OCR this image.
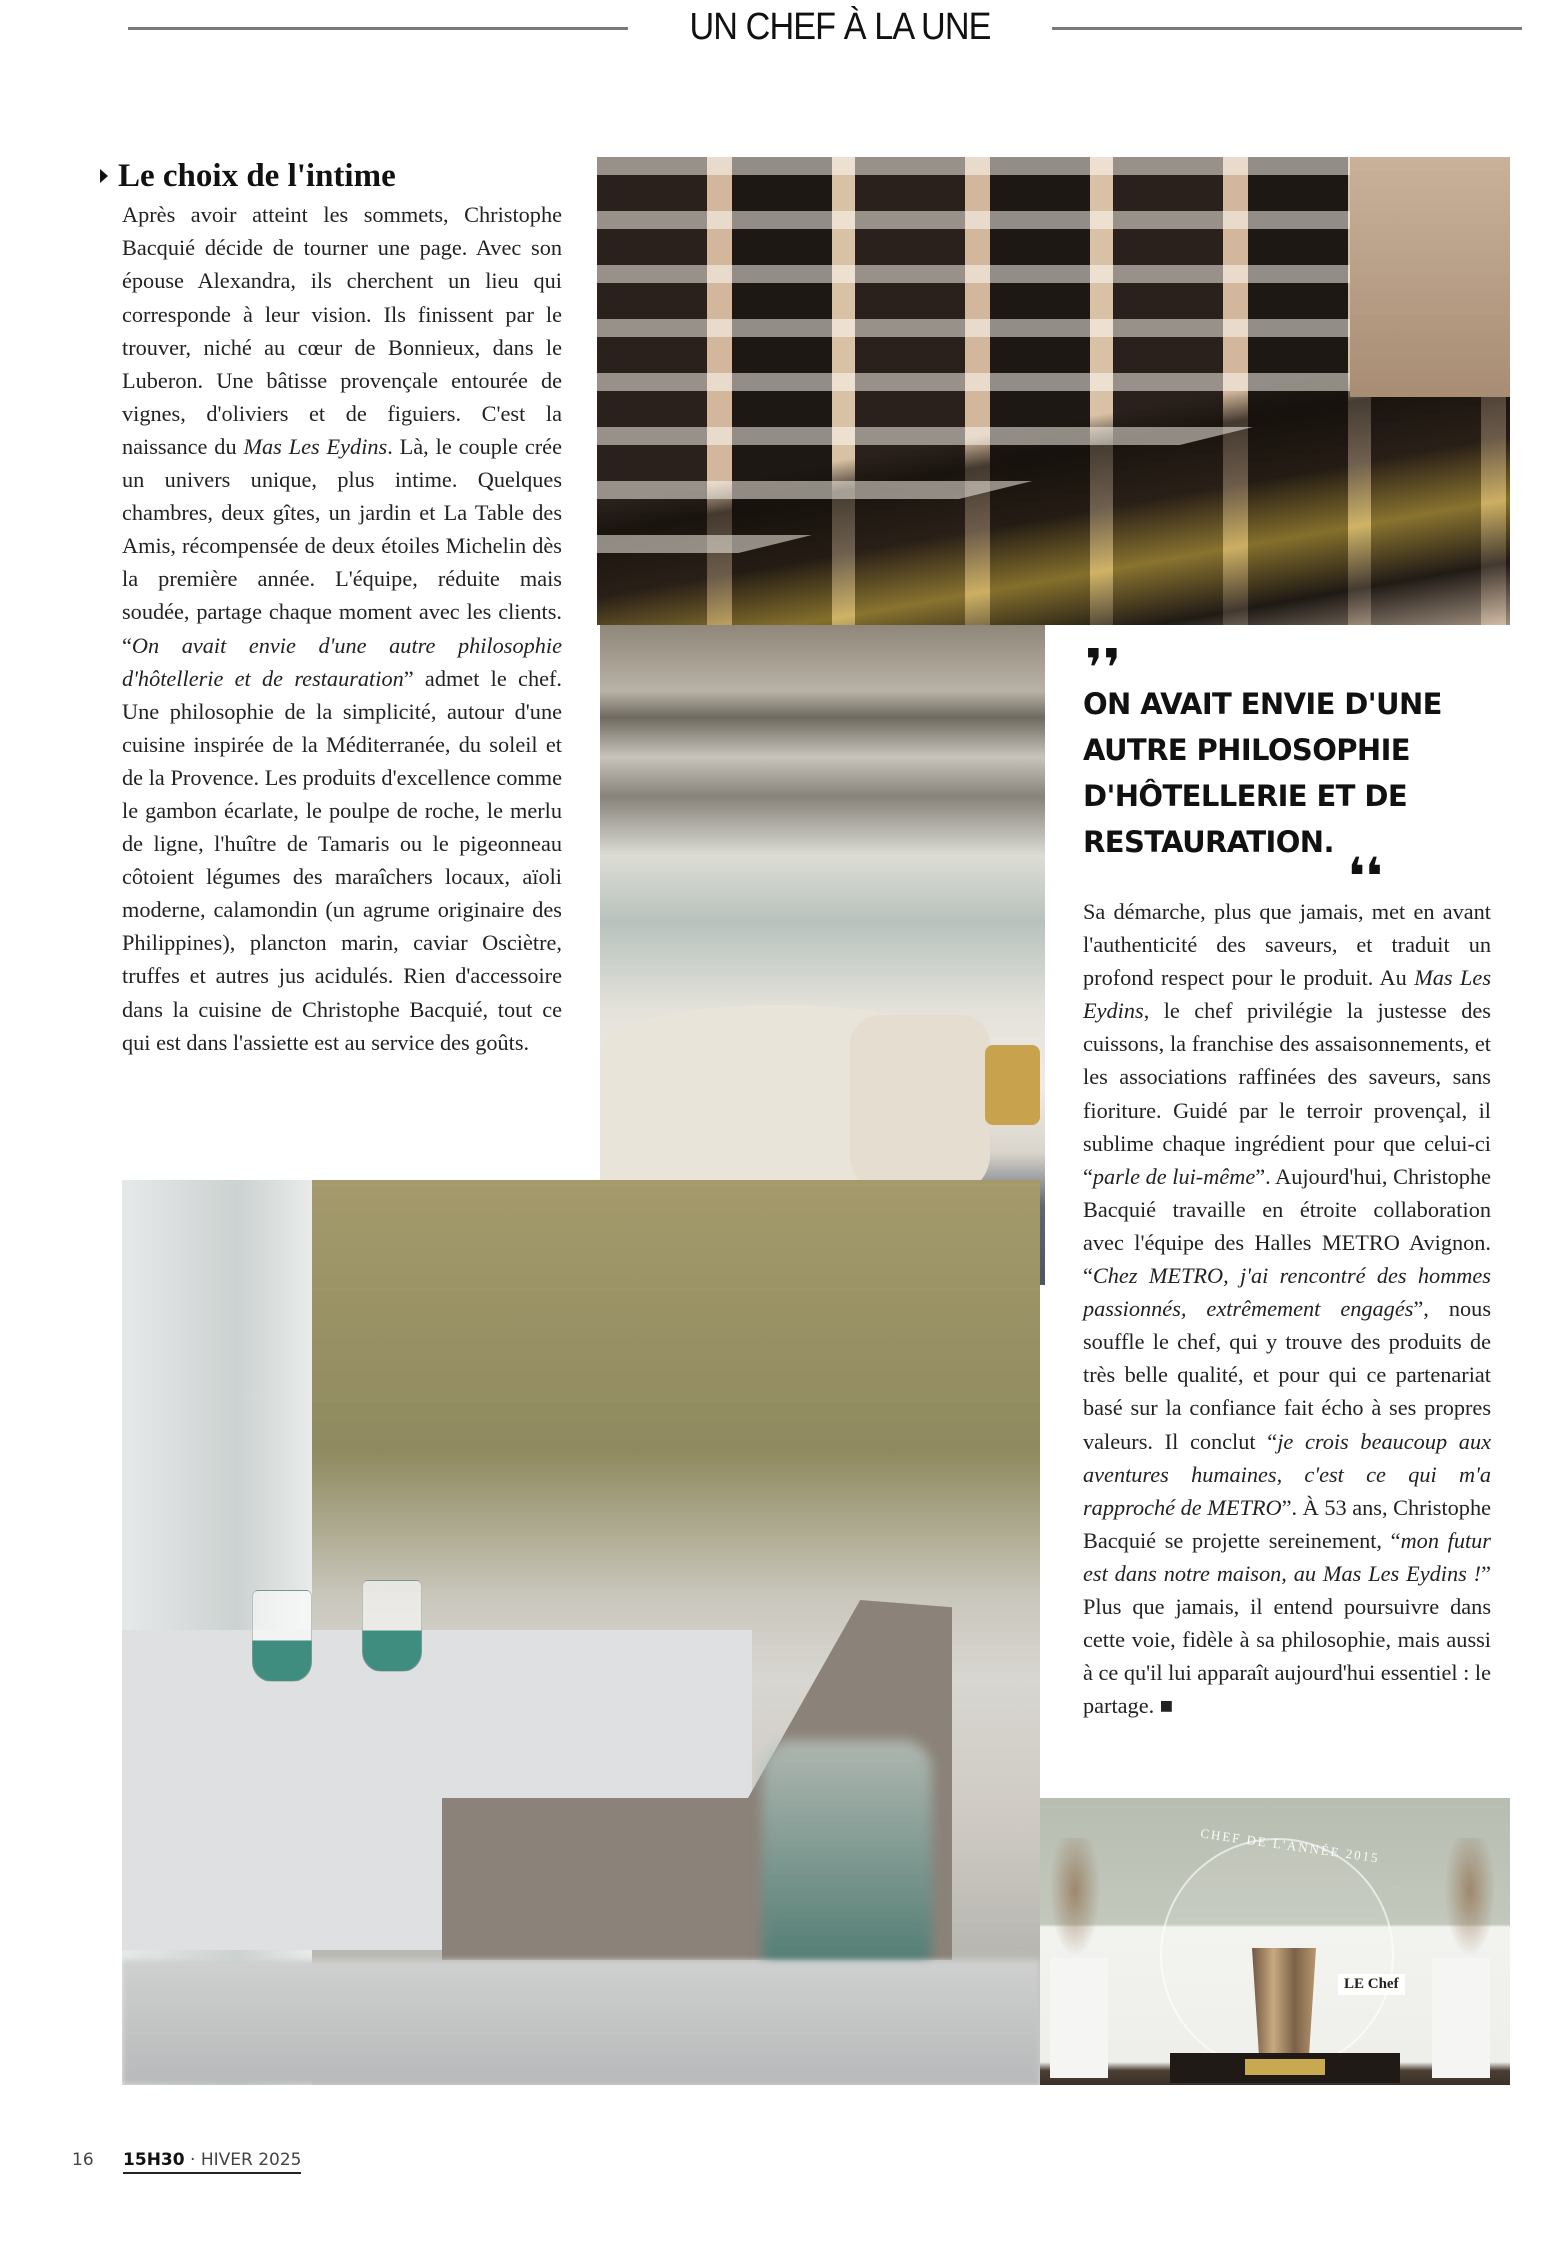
UN CHEF À LA UNE
Le choix de l'intime
Après avoir atteint les sommets, Christophe Bacquié décide de tourner une page. Avec son épouse Alexandra, ils cherchent un lieu qui corresponde à leur vision. Ils finissent par le trouver, niché au cœur de Bonnieux, dans le Luberon. Une bâtisse provençale entourée de vignes, d'oliviers et de figuiers. C'est la naissance du Mas Les Eydins. Là, le couple crée un univers unique, plus intime. Quelques chambres, deux gîtes, un jardin et La Table des Amis, récompensée de deux étoiles Michelin dès la première année. L'équipe, réduite mais soudée, partage chaque moment avec les clients. “On avait envie d'une autre philosophie d'hôtellerie et de restauration” admet le chef. Une philosophie de la simplicité, autour d'une cuisine inspirée de la Méditerranée, du soleil et de la Provence. Les produits d'excellence comme le gambon écarlate, le poulpe de roche, le merlu de ligne, l'huître de Tamaris ou le pigeonneau côtoient légumes des maraîchers locaux, aïoli moderne, calamondin (un agrume originaire des Philippines), plancton marin, caviar Osciètre, truffes et autres jus acidulés. Rien d'accessoire dans la cuisine de Christophe Bacquié, tout ce qui est dans l'assiette est au service des goûts.
❜❜

ON AVAIT ENVIE D'UNE AUTRE PHILOSOPHIE D'HÔTELLERIE ET DE RESTAURATION. ❜❜

Sa démarche, plus que jamais, met en avant l'authenticité des saveurs, et traduit un profond respect pour le produit. Au Mas Les Eydins, le chef privilégie la justesse des cuissons, la franchise des assaisonnements, et les associations raffinées des saveurs, sans fioriture. Guidé par le terroir provençal, il sublime chaque ingrédient pour que celui-ci “parle de lui-même”. Aujourd'hui, Christophe Bacquié travaille en étroite collaboration avec l'équipe des Halles METRO Avignon. “Chez METRO, j'ai rencontré des hommes passionnés, extrêmement engagés”, nous souffle le chef, qui y trouve des produits de très belle qualité, et pour qui ce partenariat basé sur la confiance fait écho à ses propres valeurs. Il conclut “je crois beaucoup aux aventures humaines, c'est ce qui m'a rapproché de METRO”. À 53 ans, Christophe Bacquié se projette sereinement, “mon futur est dans notre maison, au Mas Les Eydins !” Plus que jamais, il entend poursuivre dans cette voie, fidèle à sa philosophie, mais aussi à ce qu'il lui apparaît aujourd'hui essentiel : le partage. ■
CHEF DE L'ANNÉE 2015
LE Chef
16 15H30 · HIVER 2025
